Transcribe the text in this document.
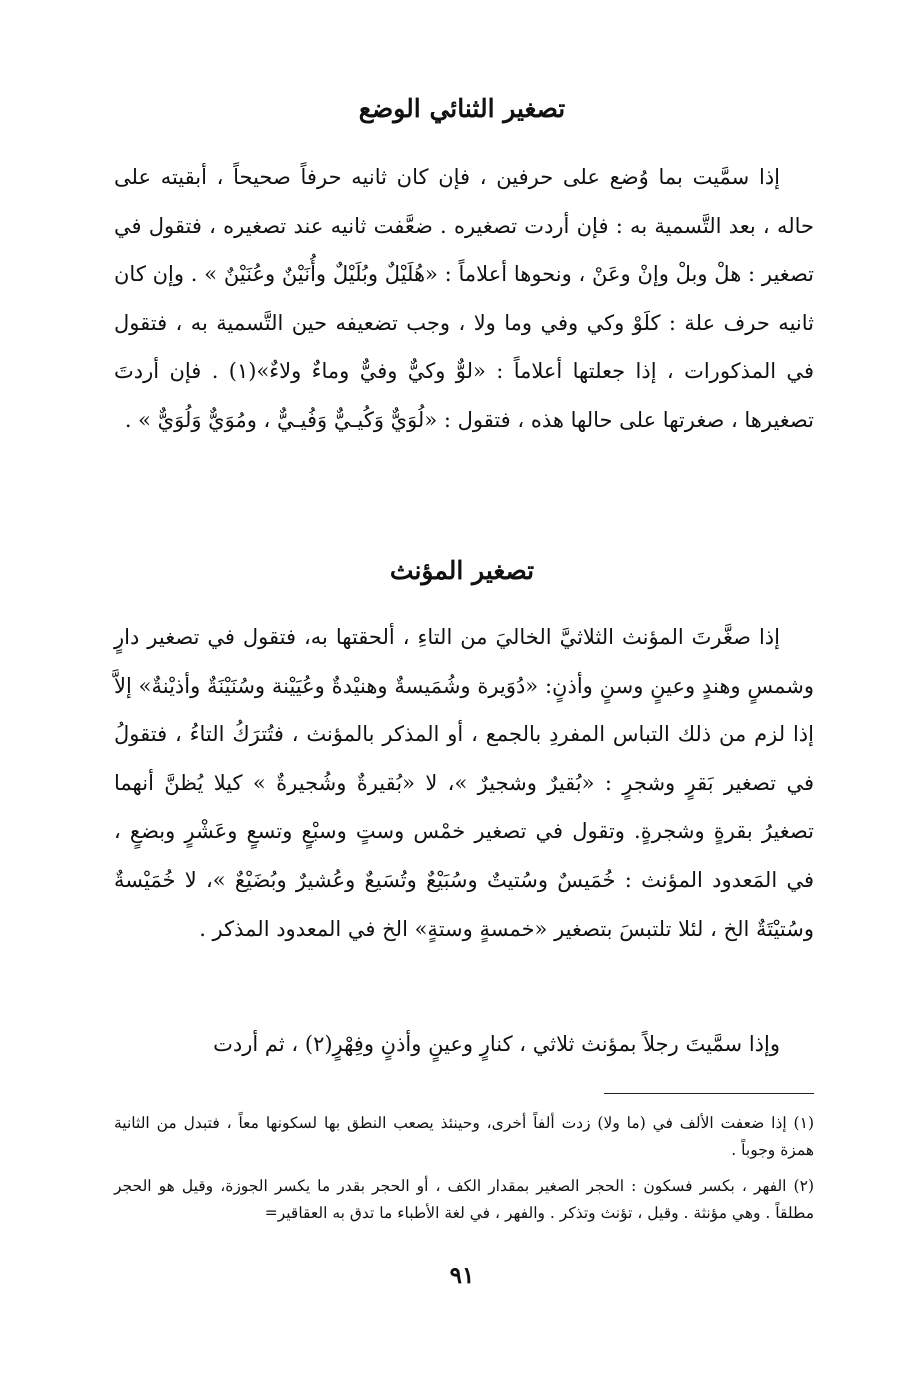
تصغير الثنائي الوضع

إذا سمَّيت بما وُضع على حرفين ، فإن كان ثانيه حرفاً صحيحاً ، أبقيته على حاله ، بعد التَّسمية به : فإن أردت تصغيره . ضعَّفت ثانيه عند تصغيره ، فتقول في تصغير : هلْ وبلْ وإنْ وعَنْ ، ونحوها أعلاماً : «هُلَيْلٌ وبُلَيْلٌ وأُنَيْنٌ وعُنَيْنٌ » . وإن كان ثانيه حرف علة : كلَوْ وكي وفي وما ولا ، وجب تضعيفه حين التَّسمية به ، فتقول في المذكورات ، إذا جعلتها أعلاماً : «لوٌّ وكيٌّ وفيٌّ وماءٌ ولاءٌ»(١) . فإن أردتَ تصغيرها ، صغرتها على حالها هذه ، فتقول : «لُوَيٌّ وَكُيـيٌّ وَفُيـيٌّ ، ومُوَيٌّ وَلُوَيٌّ » .

تصغير المؤنث

إذا صغَّرتَ المؤنث الثلاثيَّ الخاليَ من التاءِ ، ألحقتها به، فتقول في تصغير دارٍ وشمسٍ وهندٍ وعينٍ وسنٍ وأذنٍ: «دُوَيرة وشُمَيسةٌ وهنيْدةٌ وعُيَيْنة وسُنَيْنَةٌ وأذيْنةٌ» إلاَّ إذا لزم من ذلك التباس المفردِ بالجمع ، أو المذكر بالمؤنث ، فتُترَكُ التاءُ ، فتقولُ في تصغير بَقرٍ وشجرٍ : «بُقيرٌ وشجيرٌ »، لا «بُقيرةٌ وشُجيرةٌ » كيلا يُظنَّ أنهما تصغيرُ بقرةٍ وشجرةٍ. وتقول في تصغير خمْس وستٍ وسبْعٍ وتسعٍ وعَشْرٍ وبضعٍ ، في المَعدود المؤنث : خُمَيسٌ وسُتيتٌ وسُبَيْعٌ وتُسَيعٌ وعُشيرٌ وبُضَيْعٌ »، لا خُمَيْسةٌ وسُتيْتَةٌ الخ ، لئلا تلتبسَ بتصغير «خمسةٍ وستةٍ» الخ في المعدود المذكر .

وإذا سمَّيتَ رجلاً بمؤنث ثلاثي ، كنارٍ وعينٍ وأذنٍ وفِهْرٍ(٢) ، ثم أردت

(١) إذا ضعفت الألف في (ما ولا) زدت ألفاً أخرى، وحينئذ يصعب النطق بها لسكونها معاً ، فتبدل من الثانية همزة وجوباً .

(٢) الفهر ، بكسر فسكون : الحجر الصغير بمقدار الكف ، أو الحجر بقدر ما يكسر الجوزة، وقيل هو الحجر مطلقاً . وهي مؤنثة . وقيل ، تؤنث وتذكر . والفهر ، في لغة الأطباء ما تدق به العقاقير=

٩١
